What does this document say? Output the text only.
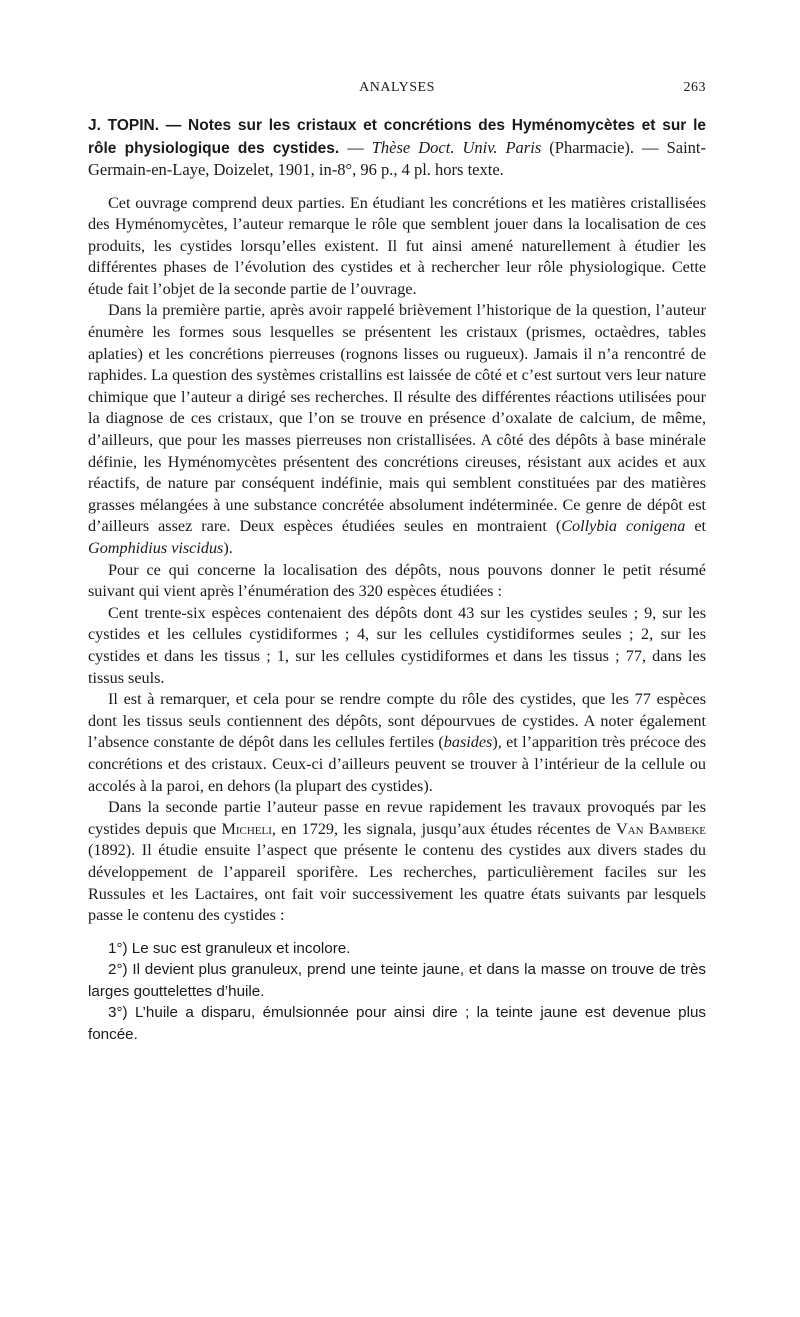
ANALYSES	263
J. TOPIN. — Notes sur les cristaux et concrétions des Hyménomycètes et sur le rôle physiologique des cystides. — Thèse Doct. Univ. Paris (Pharmacie). — Saint-Germain-en-Laye, Doizelet, 1901, in-8°, 96 p., 4 pl. hors texte.

Cet ouvrage comprend deux parties. En étudiant les concrétions et les matières cristallisées des Hyménomycètes, l’auteur remarque le rôle que semblent jouer dans la localisation de ces produits, les cystides lorsqu’elles existent. Il fut ainsi amené naturellement à étudier les différentes phases de l’évolution des cystides et à rechercher leur rôle physiologique. Cette étude fait l’objet de la seconde partie de l’ouvrage.

Dans la première partie, après avoir rappelé brièvement l’historique de la question, l’auteur énumère les formes sous lesquelles se présentent les cristaux (prismes, octaèdres, tables aplaties) et les concrétions pierreuses (rognons lisses ou rugueux). Jamais il n’a rencontré de raphides. La question des systèmes cristallins est laissée de côté et c’est surtout vers leur nature chimique que l’auteur a dirigé ses recherches. Il résulte des différentes réactions utilisées pour la diagnose de ces cristaux, que l’on se trouve en présence d’oxalate de calcium, de même, d’ailleurs, que pour les masses pierreuses non cristallisées. A côté des dépôts à base minérale définie, les Hyménomycètes présentent des concrétions cireuses, résistant aux acides et aux réactifs, de nature par conséquent indéfinie, mais qui semblent constituées par des matières grasses mélangées à une substance concrétée absolument indéterminée. Ce genre de dépôt est d’ailleurs assez rare. Deux espèces étudiées seules en montraient (Collybia conigena et Gomphidius viscidus).

Pour ce qui concerne la localisation des dépôts, nous pouvons donner le petit résumé suivant qui vient après l’énumération des 320 espèces étudiées :

Cent trente-six espèces contenaient des dépôts dont 43 sur les cystides seules ; 9, sur les cystides et les cellules cystidiformes ; 4, sur les cellules cystidiformes seules ; 2, sur les cystides et dans les tissus ; 1, sur les cellules cystidiformes et dans les tissus ; 77, dans les tissus seuls.

Il est à remarquer, et cela pour se rendre compte du rôle des cystides, que les 77 espèces dont les tissus seuls contiennent des dépôts, sont dépourvues de cystides. A noter également l’absence constante de dépôt dans les cellules fertiles (basides), et l’apparition très précoce des concrétions et des cristaux. Ceux-ci d’ailleurs peuvent se trouver à l’intérieur de la cellule ou accolés à la paroi, en dehors (la plupart des cystides).

Dans la seconde partie l’auteur passe en revue rapidement les travaux provoqués par les cystides depuis que Micheli, en 1729, les signala, jusqu’aux études récentes de Van Bambeke (1892). Il étudie ensuite l’aspect que présente le contenu des cystides aux divers stades du développement de l’appareil sporifère. Les recherches, particulièrement faciles sur les Russules et les Lactaires, ont fait voir successivement les quatre états suivants par lesquels passe le contenu des cystides :

1°) Le suc est granuleux et incolore.

2°) Il devient plus granuleux, prend une teinte jaune, et dans la masse on trouve de très larges gouttelettes d’huile.

3°) L’huile a disparu, émulsionnée pour ainsi dire ; la teinte jaune est devenue plus foncée.
